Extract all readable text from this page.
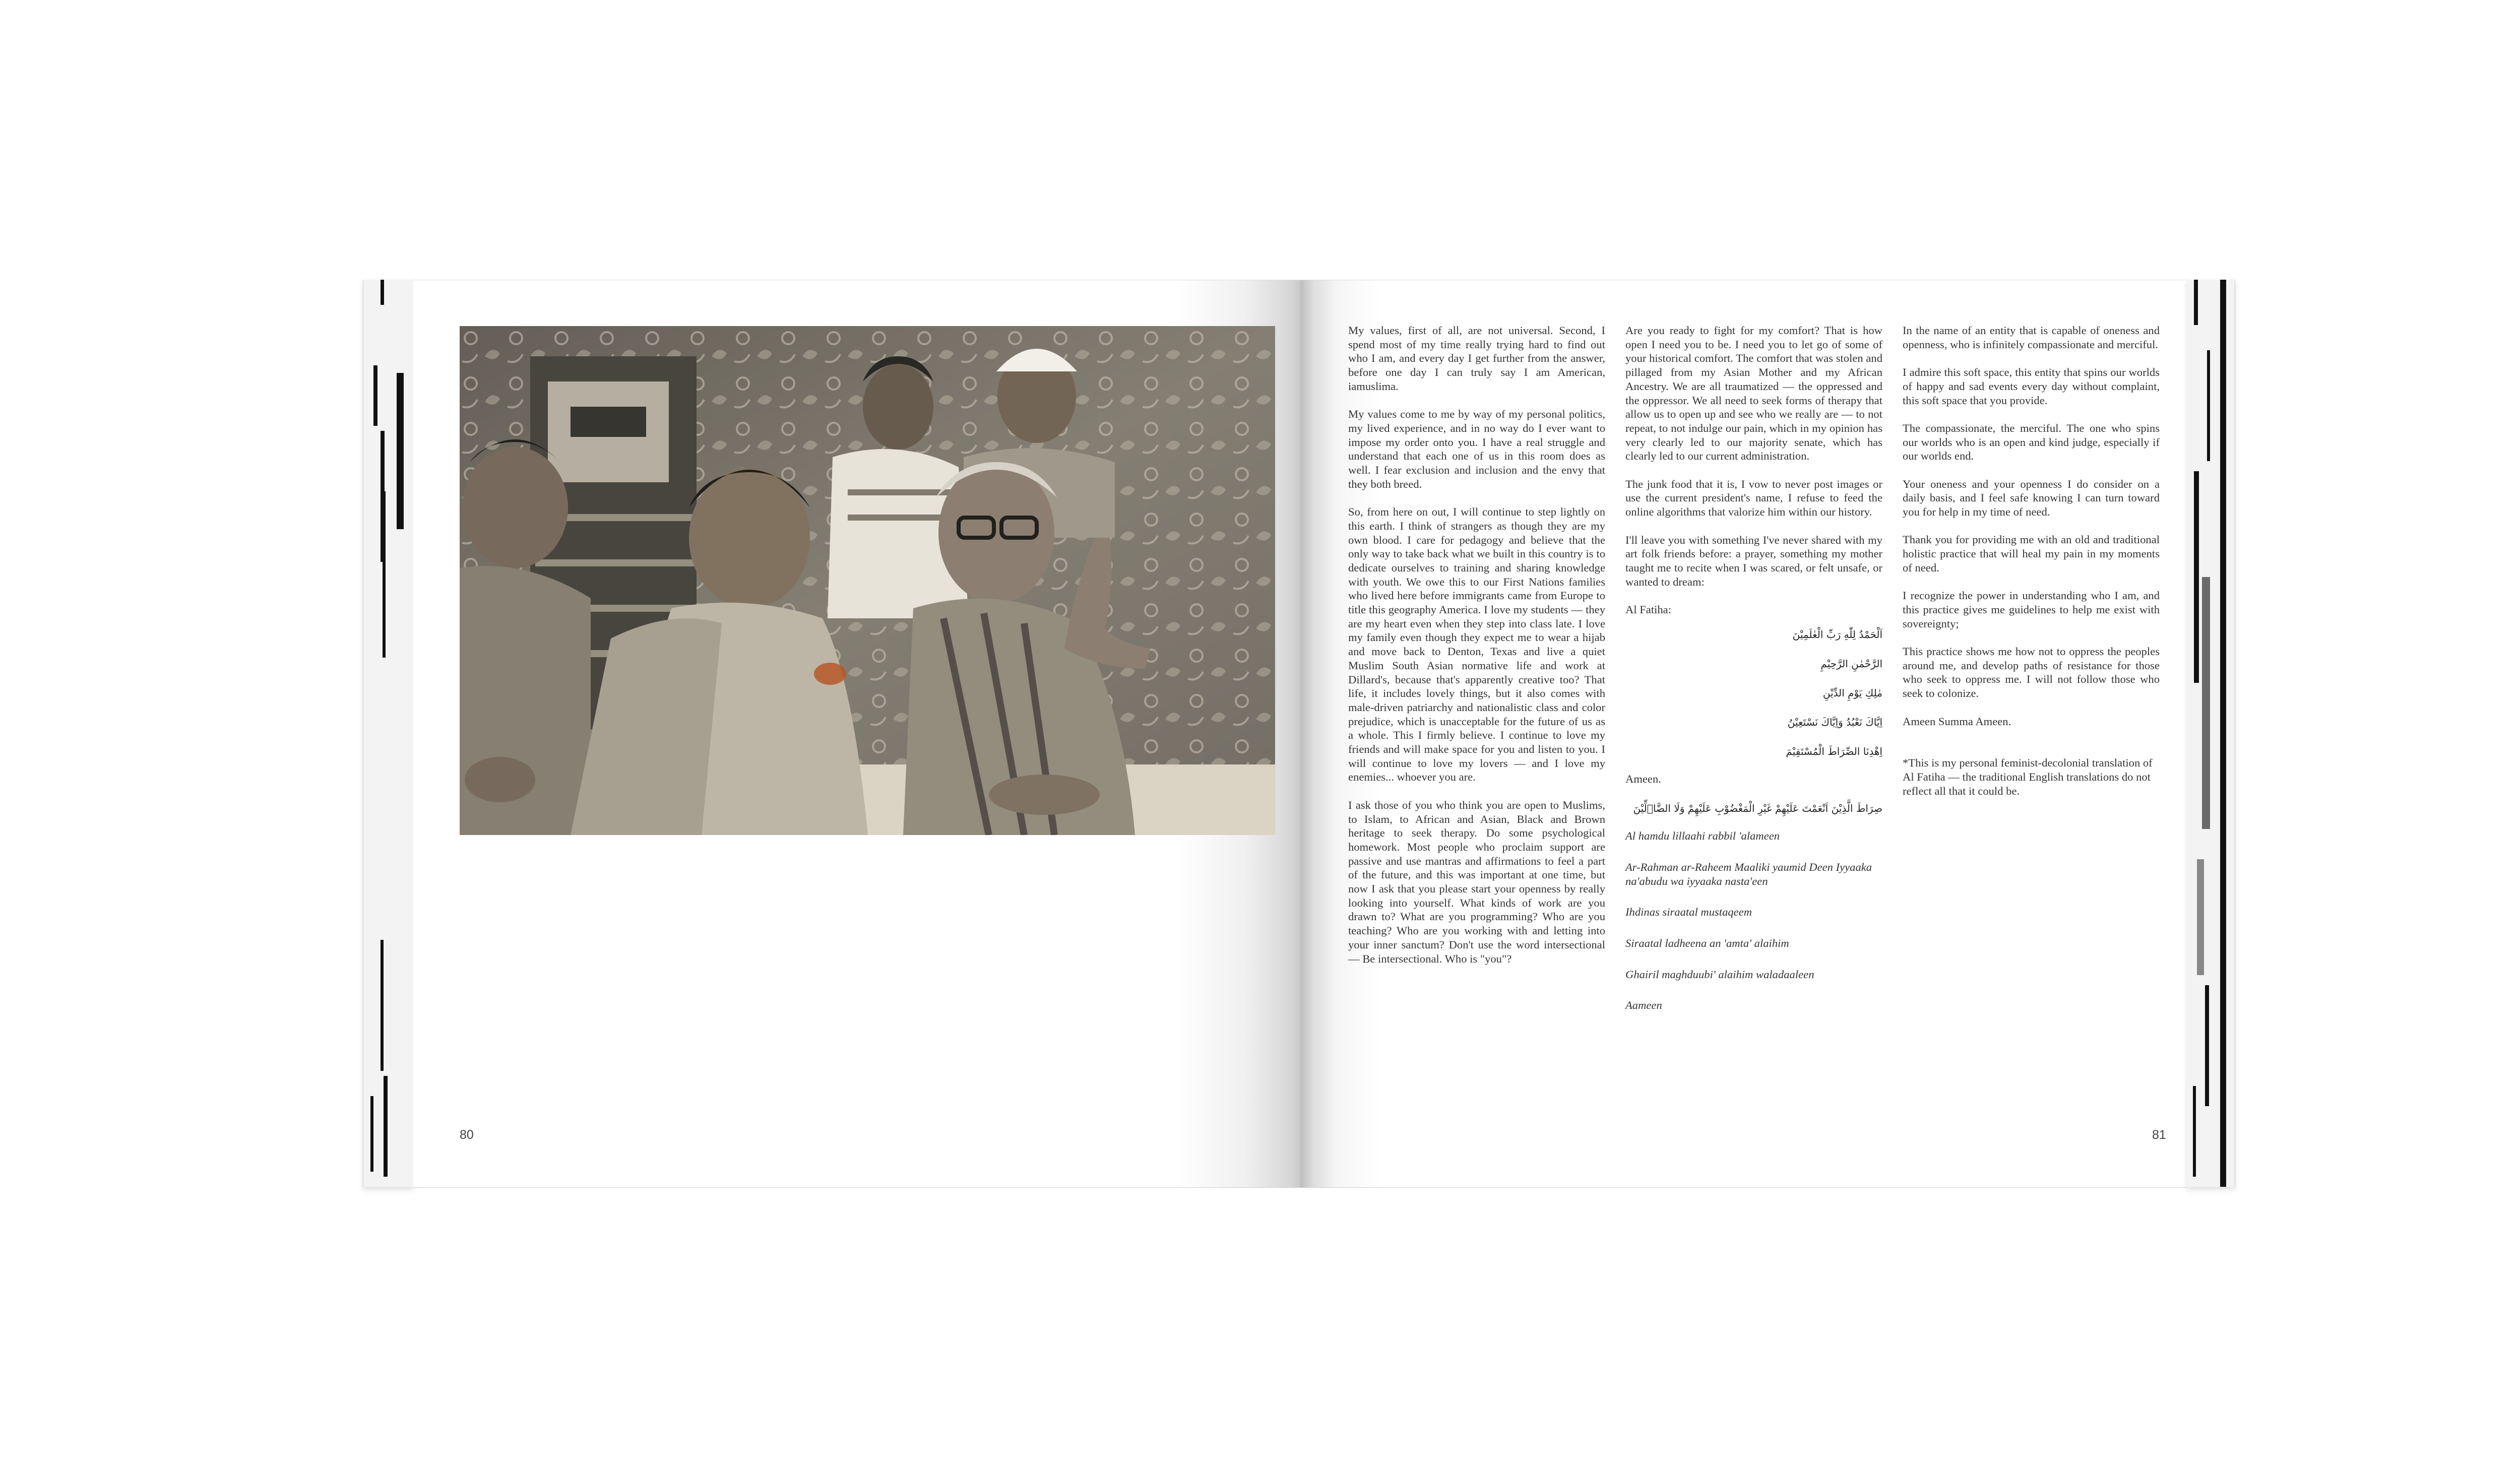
80

My values, first of all, are not universal. Second, I spend most of my time really trying hard to find out who I am, and every day I get further from the answer, before one day I can truly say I am American, iamuslima.

My values come to me by way of my personal politics, my lived experience, and in no way do I ever want to impose my order onto you. I have a real struggle and understand that each one of us in this room does as well. I fear exclusion and inclusion and the envy that they both breed.

So, from here on out, I will continue to step lightly on this earth. I think of strangers as though they are my own blood. I care for pedagogy and believe that the only way to take back what we built in this country is to dedicate ourselves to training and sharing knowledge with youth. We owe this to our First Nations families who lived here before immigrants came from Europe to title this geography America. I love my students — they are my heart even when they step into class late. I love my family even though they expect me to wear a hijab and move back to Denton, Texas and live a quiet Muslim South Asian normative life and work at Dillard's, because that's apparently creative too? That life, it includes lovely things, but it also comes with male-driven patriarchy and nationalistic class and color prejudice, which is unacceptable for the future of us as a whole. This I firmly believe. I continue to love my friends and will make space for you and listen to you. I will continue to love my lovers — and I love my enemies... whoever you are.

I ask those of you who think you are open to Muslims, to Islam, to African and Asian, Black and Brown heritage to seek therapy. Do some psychological homework. Most people who proclaim support are passive and use mantras and affirmations to feel a part of the future, and this was important at one time, but now I ask that you please start your openness by really looking into yourself. What kinds of work are you drawn to? What are you programming? Who are you teaching? Who are you working with and letting into your inner sanctum? Don't use the word intersectional — Be intersectional. Who is "you"?

Are you ready to fight for my comfort? That is how open I need you to be. I need you to let go of some of your historical comfort. The comfort that was stolen and pillaged from my Asian Mother and my African Ancestry. We are all traumatized — the oppressed and the oppressor. We all need to seek forms of therapy that allow us to open up and see who we really are — to not repeat, to not indulge our pain, which in my opinion has very clearly led to our majority senate, which has clearly led to our current administration.

The junk food that it is, I vow to never post images or use the current president's name, I refuse to feed the online algorithms that valorize him within our history.

I'll leave you with something I've never shared with my art folk friends before: a prayer, something my mother taught me to recite when I was scared, or felt unsafe, or wanted to dream:

Al Fatiha:

اَلْحَمْدُ لِلّٰهِ رَبِّ الْعٰلَمِيْنَ

الرَّحْمٰنِ الرَّحِيْمِ

مٰلِكِ يَوْمِ الدِّيْنِ

اِيَّاكَ نَعْبُدُ وَاِيَّاكَ نَسْتَعِيْنُ

اِهْدِنَا الصِّرَاطَ الْمُسْتَقِيْمَ

Ameen.

صِرَاطَ الَّذِيْنَ اَنْعَمْتَ عَلَيْهِمْ غَيْرِ الْمَغْضُوْبِ عَلَيْهِمْ وَلَا الضَّاۤلِّيْنَ

Al hamdu lillaahi rabbil 'alameen

Ar-Rahman ar-Raheem Maaliki yaumid Deen Iyyaaka na'abudu wa iyyaaka nasta'een

Ihdinas siraatal mustaqeem

Siraatal ladheena an 'amta' alaihim

Ghairil maghduubi' alaihim waladaaleen

Aameen

In the name of an entity that is capable of oneness and openness, who is infinitely compassionate and merciful.

I admire this soft space, this entity that spins our worlds of happy and sad events every day without complaint, this soft space that you provide.

The compassionate, the merciful. The one who spins our worlds who is an open and kind judge, especially if our worlds end.

Your oneness and your openness I do consider on a daily basis, and I feel safe knowing I can turn toward you for help in my time of need.

Thank you for providing me with an old and traditional holistic practice that will heal my pain in my moments of need.

I recognize the power in understanding who I am, and this practice gives me guidelines to help me exist with sovereignty;

This practice shows me how not to oppress the peoples around me, and develop paths of resistance for those who seek to oppress me. I will not follow those who seek to colonize.

Ameen Summa Ameen.

*This is my personal feminist-decolonial translation of Al Fatiha — the traditional English translations do not reflect all that it could be.

81
